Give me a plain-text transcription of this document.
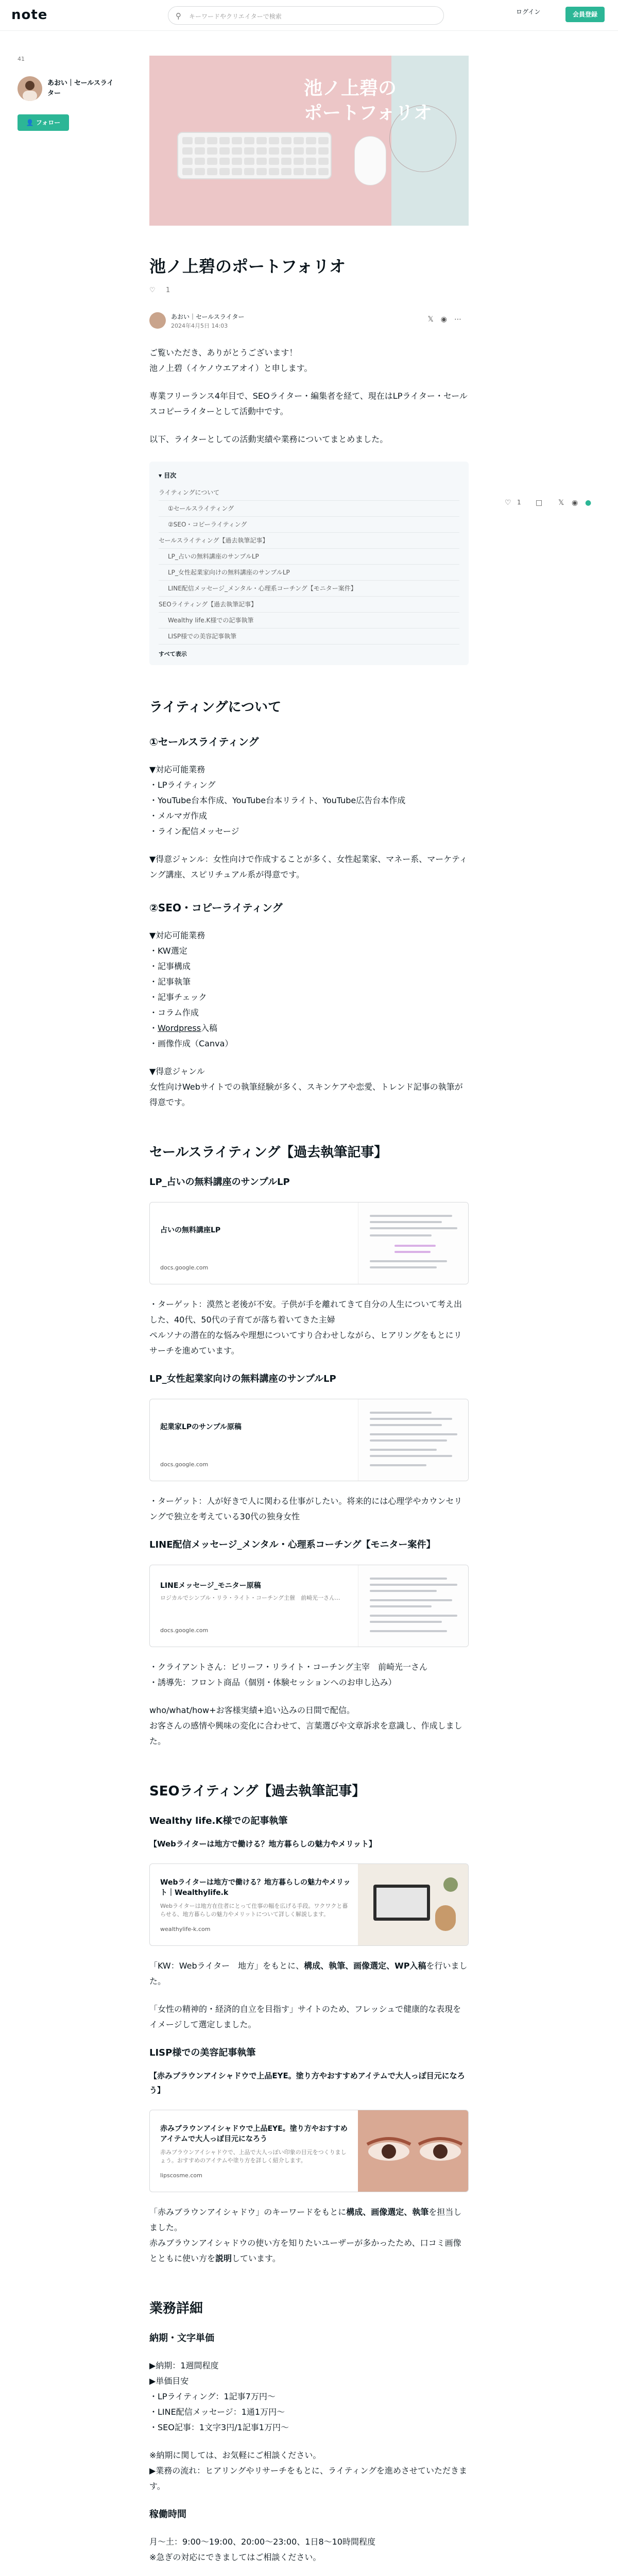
note	⚲ キーワードやクリエイターで検索
ログイン	会員登録
41
あおい｜セールスライター
👤 フォロー
♡ 1 □ 𝕏 ◉ ●
池ノ上碧の
ポートフォリオ
池ノ上碧のポートフォリオ
♡ 1
あおい｜セールスライター
2024年4月5日 14:03
𝕏◉⋯
ご覧いただき、ありがとうございます！
池ノ上碧（イケノウエアオイ）と申します。
専業フリーランス4年目で、SEOライター・編集者を経て、現在はLPライター・セールスコピーライターとして活動中です。
以下、ライターとしての活動実績や業務についてまとめました。
▾ 目次
ライティングについて
①セールスライティング
②SEO・コピーライティング
セールスライティング【過去執筆記事】
LP_占いの無料講座のサンプルLP
LP_女性起業家向けの無料講座のサンプルLP
LINE配信メッセージ_メンタル・心理系コーチング【モニター案件】
SEOライティング【過去執筆記事】
Wealthy life.K様での記事執筆
LISP様での美容記事執筆
すべて表示
ライティングについて
①セールスライティング
▼対応可能業務
・LPライティング
・YouTube台本作成、YouTube台本リライト、YouTube広告台本作成
・メルマガ作成
・ライン配信メッセージ
▼得意ジャンル：女性向けで作成することが多く、女性起業家、マネー系、マーケティング講座、スピリチュアル系が得意です。
②SEO・コピーライティング
▼対応可能業務
・KW選定
・記事構成
・記事執筆
・記事チェック
・コラム作成
・Wordpress入稿
・画像作成（Canva）
▼得意ジャンル
女性向けWebサイトでの執筆経験が多く、スキンケアや恋愛、トレンド記事の執筆が得意です。
セールスライティング【過去執筆記事】
LP_占いの無料講座のサンプルLP
占いの無料講座LP
docs.google.com
・ターゲット：漠然と老後が不安。子供が手を離れてきて自分の人生について考え出した、40代、50代の子育てが落ち着いてきた主婦
ペルソナの潜在的な悩みや理想についてすり合わせしながら、ヒアリングをもとにリサーチを進めています。
LP_女性起業家向けの無料講座のサンプルLP
起業家LPのサンプル原稿
docs.google.com
・ターゲット：人が好きで人に関わる仕事がしたい。将来的には心理学やカウンセリングで独立を考えている30代の独身女性
LINE配信メッセージ_メンタル・心理系コーチング【モニター案件】
LINEメッセージ_モニター原稿
ロジカルでシンプル・リラ・ライト・コーチング主催　前崎光一さん...
docs.google.com
・クライアントさん：ビリーフ・リライト・コーチング主宰　前崎光一さん
・誘導先：フロント商品（個別・体験セッションへのお申し込み）
who/what/how+お客様実績+追い込みの日間で配信。
お客さんの感情や興味の変化に合わせて、言葉選びや文章訴求を意識し、作成しました。
SEOライティング【過去執筆記事】
Wealthy life.K様での記事執筆
【Webライターは地方で働ける？地方暮らしの魅力やメリット】
Webライターは地方で働ける？地方暮らしの魅力やメリット｜Wealthylife.k
Webライターは地方在住者にとって仕事の幅を広げる手段。ワクワクと暮らせる、地方暮らしの魅力やメリットについて詳しく解説します。
wealthylife-k.com
「KW：Webライター　地方」をもとに、構成、執筆、画像選定、WP入稿を行いました。
「女性の精神的・経済的自立を目指す」サイトのため、フレッシュで健康的な表現をイメージして選定しました。
LISP様での美容記事執筆
【赤みブラウンアイシャドウで上品EYE。塗り方やおすすめアイテムで大人っぽ目元になろう】
赤みブラウンアイシャドウで上品EYE。塗り方やおすすめアイテムで大人っぽ目元になろう
赤みブラウンアイシャドウで、上品で大人っぽい印象の目元をつくりましょう。おすすめのアイテムや塗り方を詳しく紹介します。
lipscosme.com
「赤みブラウンアイシャドウ」のキーワードをもとに構成、画像選定、執筆を担当しました。
赤みブラウンアイシャドウの使い方を知りたいユーザーが多かったため、口コミ画像とともに使い方を説明しています。
業務詳細
納期・文字単価
▶納期：1週間程度
▶単価目安
・LPライティング：1記事7万円〜
・LINE配信メッセージ：1通1万円〜
・SEO記事：1文字3円/1記事1万円〜
※納期に関しては、お気軽にご相談ください。
▶業務の流れ：ヒアリングやリサーチをもとに、ライティングを進めさせていただきます。
稼働時間
月〜土：9:00〜19:00、20:00〜23:00、1日8〜10時間程度
※急ぎの対応にできましてはご相談ください。
